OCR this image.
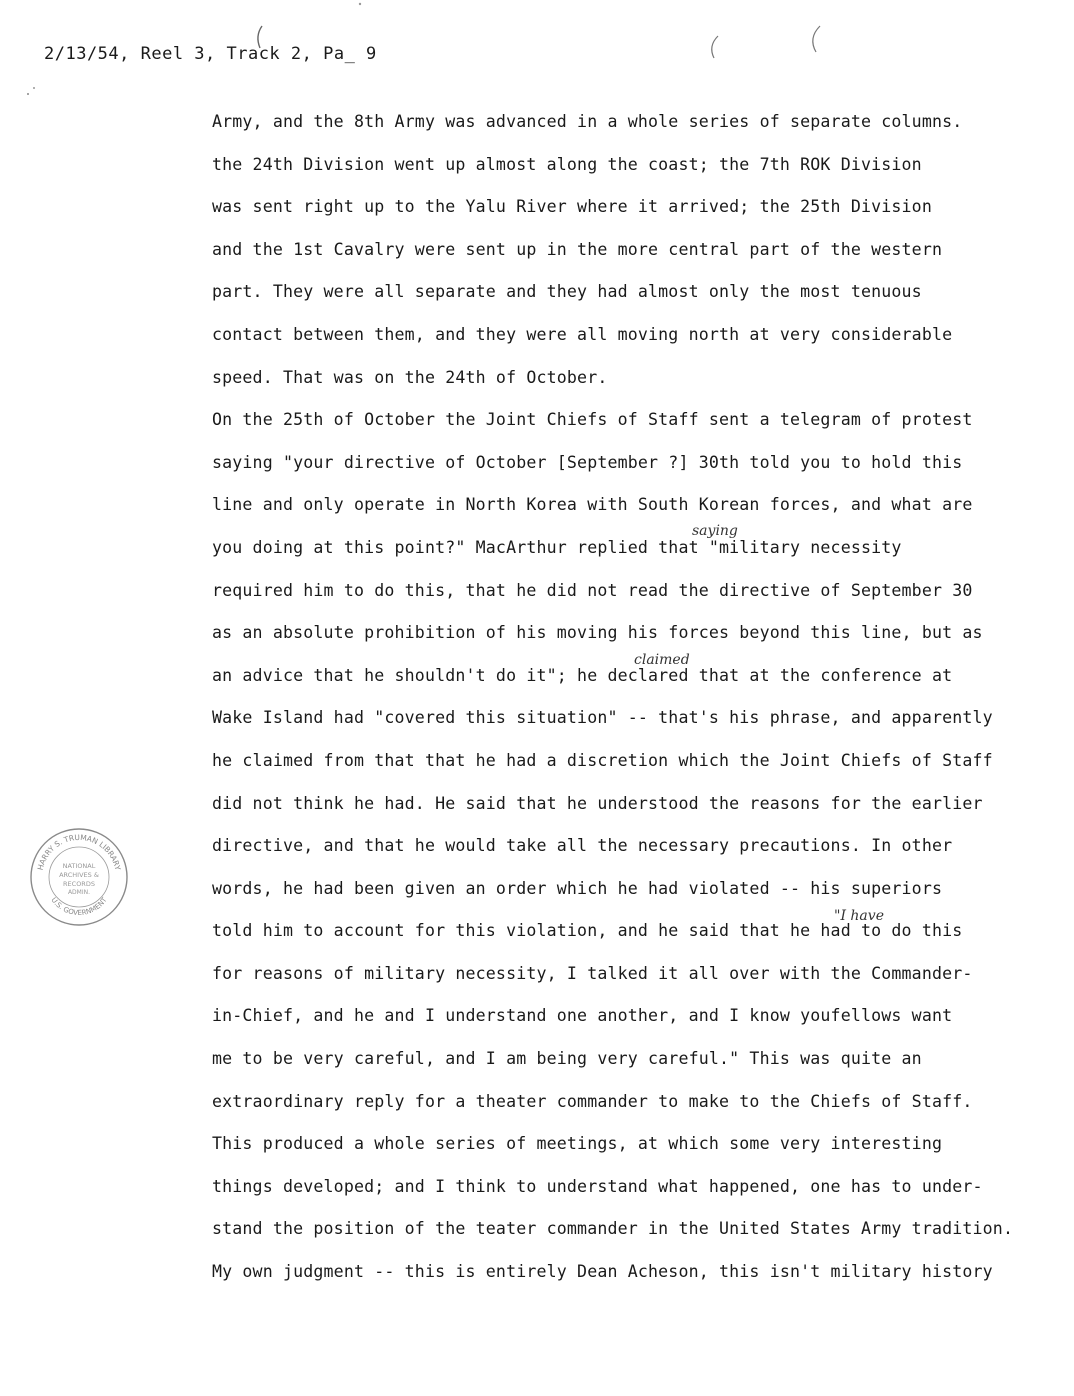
2/13/54, Reel 3, Track 2, Pa_ 9
Army, and the 8th Army was advanced in a whole series of separate columns.
the 24th Division went up almost along the coast; the 7th ROK Division
was sent right up to the Yalu River where it arrived; the 25th Division
and the 1st Cavalry were sent up in the more central part of the western
part. They were all separate and they had almost only the most tenuous
contact between them, and they were all moving north at very considerable
speed. That was on the 24th of October.
On the 25th of October the Joint Chiefs of Staff sent a telegram of protest
saying "your directive of October [September ?] 30th told you to hold this
line and only operate in North Korea with South Korean forces, and what are
you doing at this point?" MacArthur replied that "military necessity
required him to do this, that he did not read the directive of September 30
as an absolute prohibition of his moving his forces beyond this line, but as
an advice that he shouldn't do it"; he declared that at the conference at
Wake Island had "covered this situation" -- that's his phrase, and apparently
he claimed from that that he had a discretion which the Joint Chiefs of Staff
did not think he had. He said that he understood the reasons for the earlier
directive, and that he would take all the necessary precautions. In other
words, he had been given an order which he had violated -- his superiors
told him to account for this violation, and he said that he had to do this
for reasons of military necessity, I talked it all over with the Commander-
in-Chief, and he and I understand one another, and I know youfellows want
me to be very careful, and I am being very careful." This was quite an
extraordinary reply for a theater commander to make to the Chiefs of Staff.
This produced a whole series of meetings, at which some very interesting
things developed; and I think to understand what happened, one has to under-
stand the position of the teater commander in the United States Army tradition.
My own judgment -- this is entirely Dean Acheson, this isn't military history
saying
claimed
"I have
HARRY S. TRUMAN LIBRARY
U.S. GOVERNMENT
NATIONAL
ARCHIVES &
RECORDS
ADMIN.
